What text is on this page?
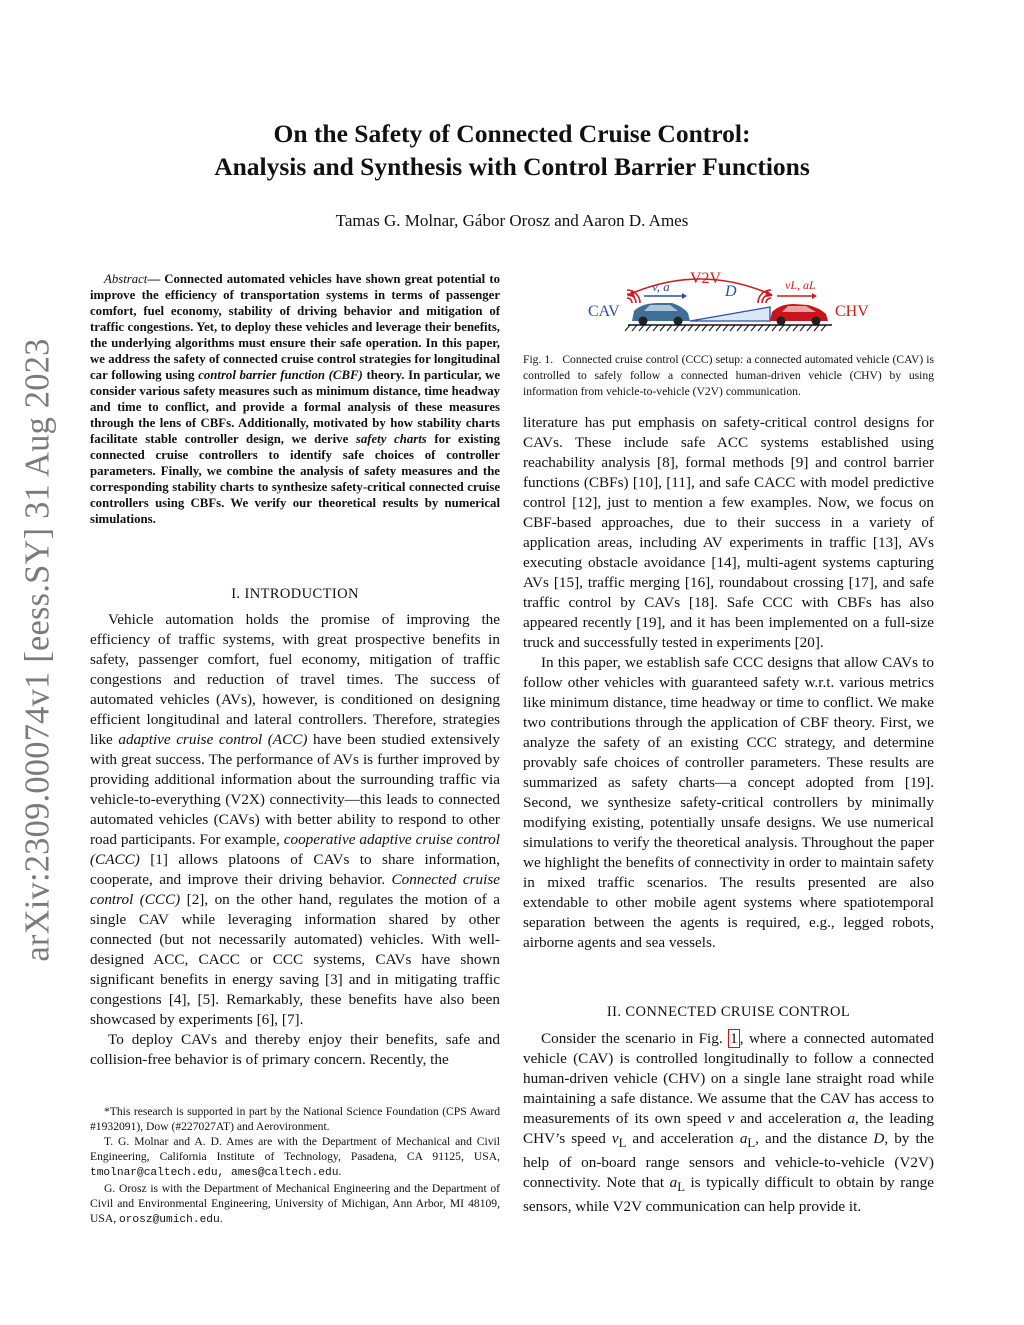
arXiv:2309.00074v1 [eess.SY] 31 Aug 2023
On the Safety of Connected Cruise Control:
Analysis and Synthesis with Control Barrier Functions
Tamas G. Molnar, Gábor Orosz and Aaron D. Ames
Abstract— Connected automated vehicles have shown great potential to improve the efficiency of transportation systems in terms of passenger comfort, fuel economy, stability of driving behavior and mitigation of traffic congestions. Yet, to deploy these vehicles and leverage their benefits, the underlying algorithms must ensure their safe operation. In this paper, we address the safety of connected cruise control strategies for longitudinal car following using control barrier function (CBF) theory. In particular, we consider various safety measures such as minimum distance, time headway and time to conflict, and provide a formal analysis of these measures through the lens of CBFs. Additionally, motivated by how stability charts facilitate stable controller design, we derive safety charts for existing connected cruise controllers to identify safe choices of controller parameters. Finally, we combine the analysis of safety measures and the corresponding stability charts to synthesize safety-critical connected cruise controllers using CBFs. We verify our theoretical results by numerical simulations.
I. INTRODUCTION

Vehicle automation holds the promise of improving the efficiency of traffic systems, with great prospective benefits in safety, passenger comfort, fuel economy, mitigation of traffic congestions and reduction of travel times. The success of automated vehicles (AVs), however, is conditioned on designing efficient longitudinal and lateral controllers. Therefore, strategies like adaptive cruise control (ACC) have been studied extensively with great success. The performance of AVs is further improved by providing additional information about the surrounding traffic via vehicle-to-everything (V2X) connectivity—this leads to connected automated vehicles (CAVs) with better ability to respond to other road participants. For example, cooperative adaptive cruise control (CACC) [1] allows platoons of CAVs to share information, cooperate, and improve their driving behavior. Connected cruise control (CCC) [2], on the other hand, regulates the motion of a single CAV while leveraging information shared by other connected (but not necessarily automated) vehicles. With well-designed ACC, CACC or CCC systems, CAVs have shown significant benefits in energy saving [3] and in mitigating traffic congestions [4], [5]. Remarkably, these benefits have also been showcased by experiments [6], [7].

To deploy CAVs and thereby enjoy their benefits, safe and collision-free behavior is of primary concern. Recently, the

*This research is supported in part by the National Science Foundation (CPS Award #1932091), Dow (#227027AT) and Aerovironment.

T. G. Molnar and A. D. Ames are with the Department of Mechanical and Civil Engineering, California Institute of Technology, Pasadena, CA 91125, USA, tmolnar@caltech.edu, ames@caltech.edu.

G. Orosz is with the Department of Mechanical Engineering and the Department of Civil and Environmental Engineering, University of Michigan, Ann Arbor, MI 48109, USA, orosz@umich.edu.

V2V
v, a	D	vL, aL
CAV	CHV
Fig. 1. Connected cruise control (CCC) setup: a connected automated vehicle (CAV) is controlled to safely follow a connected human-driven vehicle (CHV) by using information from vehicle-to-vehicle (V2V) communication.

literature has put emphasis on safety-critical control designs for CAVs. These include safe ACC systems established using reachability analysis [8], formal methods [9] and control barrier functions (CBFs) [10], [11], and safe CACC with model predictive control [12], just to mention a few examples. Now, we focus on CBF-based approaches, due to their success in a variety of application areas, including AV experiments in traffic [13], AVs executing obstacle avoidance [14], multi-agent systems capturing AVs [15], traffic merging [16], roundabout crossing [17], and safe traffic control by CAVs [18]. Safe CCC with CBFs has also appeared recently [19], and it has been implemented on a full-size truck and successfully tested in experiments [20].

In this paper, we establish safe CCC designs that allow CAVs to follow other vehicles with guaranteed safety w.r.t. various metrics like minimum distance, time headway or time to conflict. We make two contributions through the application of CBF theory. First, we analyze the safety of an existing CCC strategy, and determine provably safe choices of controller parameters. These results are summarized as safety charts—a concept adopted from [19]. Second, we synthesize safety-critical controllers by minimally modifying existing, potentially unsafe designs. We use numerical simulations to verify the theoretical analysis. Throughout the paper we highlight the benefits of connectivity in order to maintain safety in mixed traffic scenarios. The results presented are also extendable to other mobile agent systems where spatiotemporal separation between the agents is required, e.g., legged robots, airborne agents and sea vessels.

II. CONNECTED CRUISE CONTROL

Consider the scenario in Fig. 1 , where a connected automated vehicle (CAV) is controlled longitudinally to follow a connected human-driven vehicle (CHV) on a single lane straight road while maintaining a safe distance. We assume that the CAV has access to measurements of its own speed v and acceleration a, the leading CHV’s speed $v_L$ and acceleration $a_L$, and the distance D, by the help of on-board range sensors and vehicle-to-vehicle (V2V) connectivity. Note that $a_L$ is typically difficult to obtain by range sensors, while V2V communication can help provide it.
